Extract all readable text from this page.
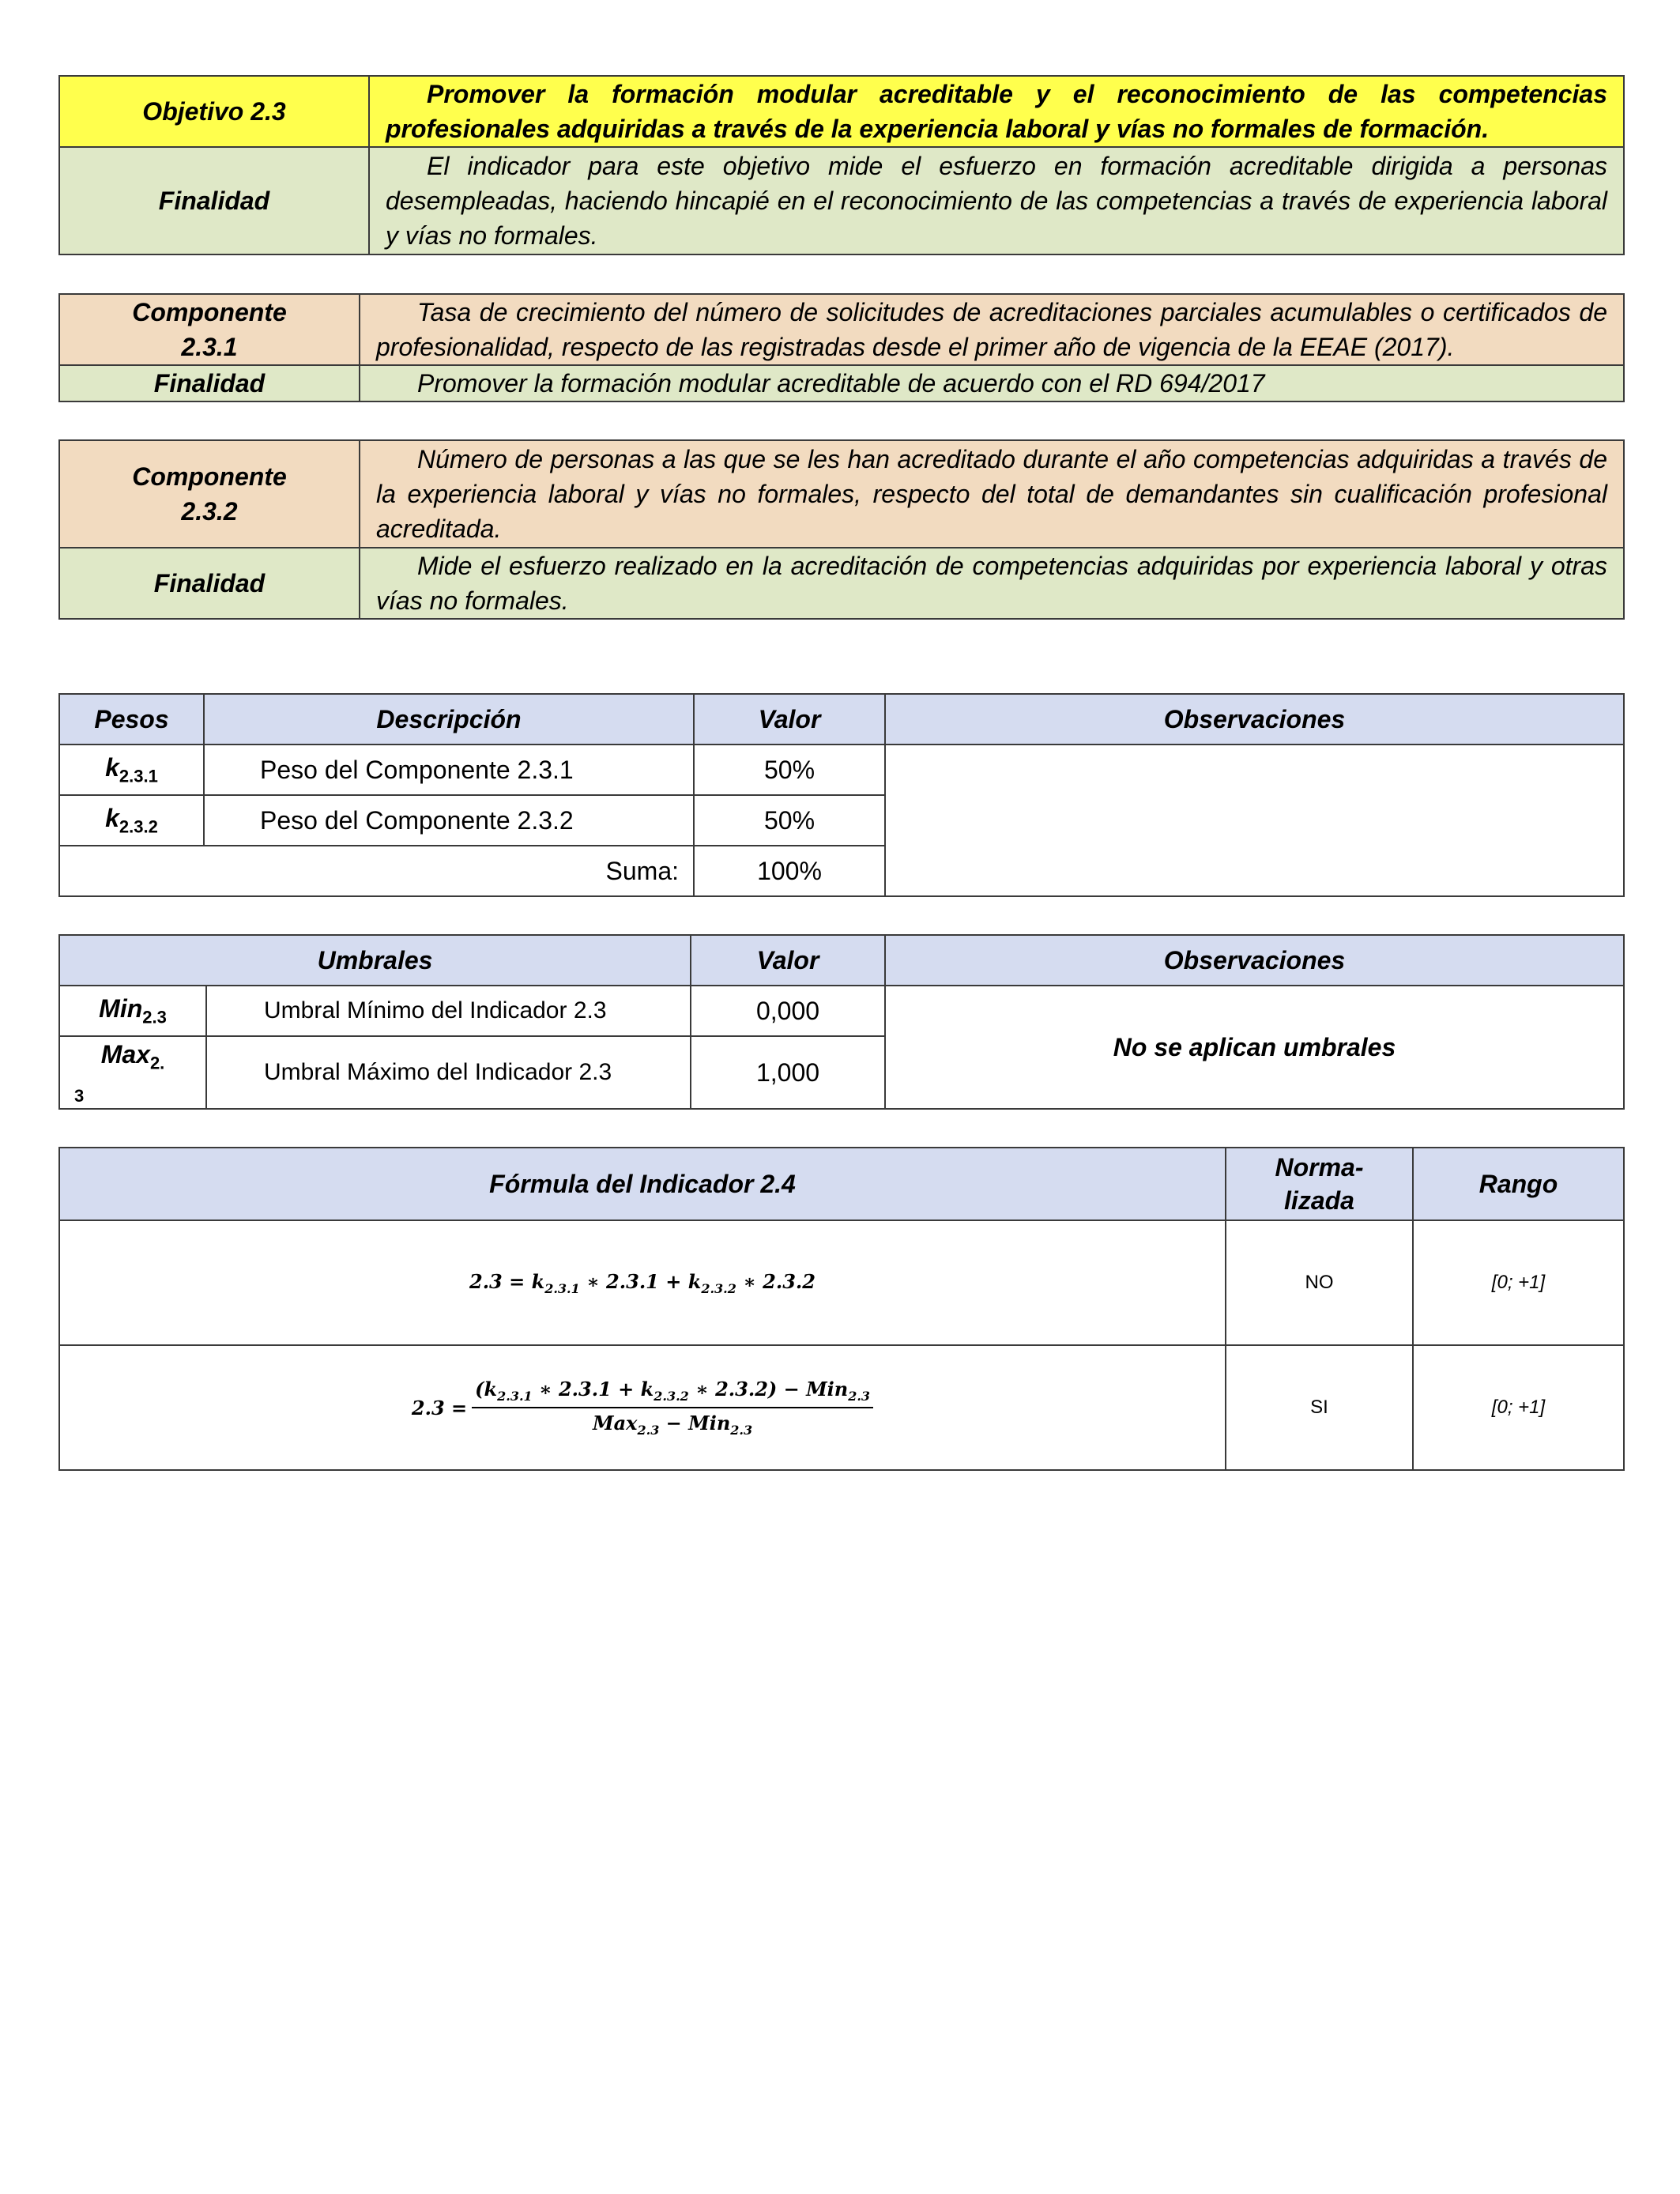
Objetivo 2.3	Promover la formación modular acreditable y el reconocimiento de las competencias profesionales adquiridas a través de la experiencia laboral y vías no formales de formación.
Finalidad	El indicador para este objetivo mide el esfuerzo en formación acreditable dirigida a personas desempleadas, haciendo hincapié en el reconocimiento de las competencias a través de experiencia laboral y vías no formales.
Componente
2.3.1	Tasa de crecimiento del número de solicitudes de acreditaciones parciales acumulables o certificados de profesionalidad, respecto de las registradas desde el primer año de vigencia de la EEAE (2017).
Finalidad	Promover la formación modular acreditable de acuerdo con el RD 694/2017
Componente
2.3.2	Número de personas a las que se les han acreditado durante el año competencias adquiridas a través de la experiencia laboral y vías no formales, respecto del total de demandantes sin cualificación profesional acreditada.
Finalidad	Mide el esfuerzo realizado en la acreditación de competencias adquiridas por experiencia laboral y otras vías no formales.
Pesos	Descripción	Valor	Observaciones
$k_{2.3.1}$	Peso del Componente 2.3.1	50%	
$k_{2.3.2}$	Peso del Componente 2.3.2	50%	
Suma:		100%	
Umbrales		Valor	Observaciones
Min$_{2.3}$	Umbral Mínimo del Indicador 2.3	0,000	No se aplican umbrales

Max$_{2.}$
3	Umbral Máximo del Indicador 2.3	1,000	
Fórmula del Indicador 2.4	Norma-
lizada	Rango
$2.3 = k_{2.3.1}$ ∗ $2.3.1 + k_{2.3.2}$ ∗ 2.3.2	NO	[0; +1]

2.3 =
($k_{2.3.1}$ ∗ $2.3.1 + k_{2.3.2}$ ∗ 2.3.2) − Min$_{2.3}$
Max$_{2.3}$ − Min$_{2.3}$	SI	[0; +1]
